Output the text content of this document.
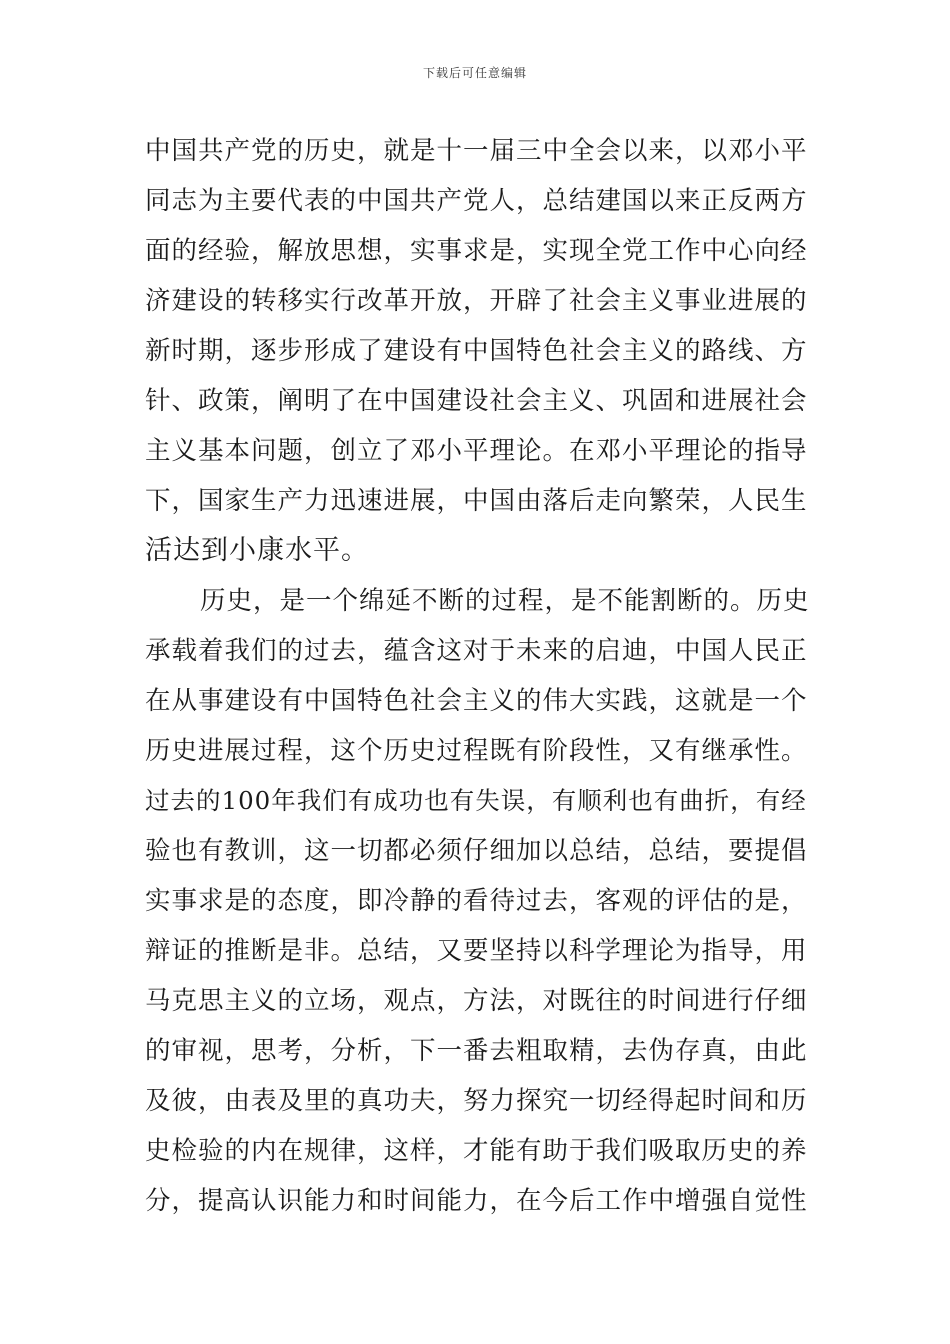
下载后可任意编辑
中国共产党的历史，就是十一届三中全会以来，以邓小平
同志为主要代表的中国共产党人，总结建国以来正反两方
面的经验，解放思想，实事求是，实现全党工作中心向经
济建设的转移实行改革开放，开辟了社会主义事业进展的
新时期，逐步形成了建设有中国特色社会主义的路线、方
针、政策，阐明了在中国建设社会主义、巩固和进展社会
主义基本问题，创立了邓小平理论。在邓小平理论的指导
下，国家生产力迅速进展，中国由落后走向繁荣，人民生
活达到小康水平。
历史，是一个绵延不断的过程，是不能割断的。历史
承载着我们的过去，蕴含这对于未来的启迪，中国人民正
在从事建设有中国特色社会主义的伟大实践，这就是一个
历史进展过程，这个历史过程既有阶段性，又有继承性。
过去的100年我们有成功也有失误，有顺利也有曲折，有经
验也有教训，这一切都必须仔细加以总结，总结，要提倡
实事求是的态度，即冷静的看待过去，客观的评估的是，
辩证的推断是非。总结，又要坚持以科学理论为指导，用
马克思主义的立场，观点，方法，对既往的时间进行仔细
的审视，思考，分析，下一番去粗取精，去伪存真，由此
及彼，由表及里的真功夫，努力探究一切经得起时间和历
史检验的内在规律，这样，才能有助于我们吸取历史的养
分，提高认识能力和时间能力，在今后工作中增强自觉性
